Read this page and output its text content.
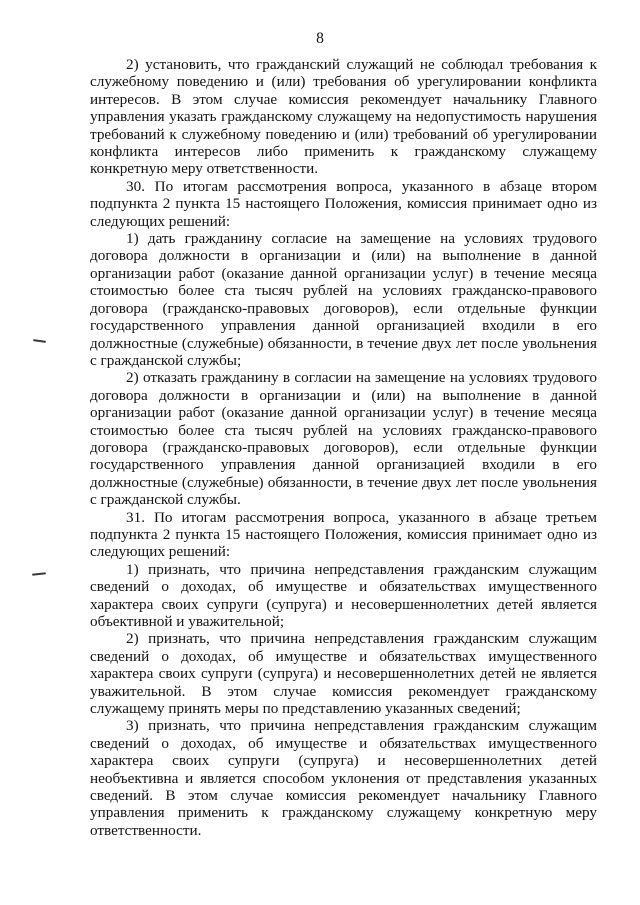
8

2) установить, что гражданский служащий не соблюдал требования к служебному поведению и (или) требования об урегулировании конфликта интересов. В этом случае комиссия рекомендует начальнику Главного управления указать гражданскому служащему на недопустимость нарушения требований к служебному поведению и (или) требований об урегулировании конфликта интересов либо применить к гражданскому служащему конкретную меру ответственности.

30. По итогам рассмотрения вопроса, указанного в абзаце втором подпункта 2 пункта 15 настоящего Положения, комиссия принимает одно из следующих решений:

1) дать гражданину согласие на замещение на условиях трудового договора должности в организации и (или) на выполнение в данной организации работ (оказание данной организации услуг) в течение месяца стоимостью более ста тысяч рублей на условиях гражданско-правового договора (гражданско-правовых договоров), если отдельные функции государственного управления данной организацией входили в его должностные (служебные) обязанности, в течение двух лет после увольнения с гражданской службы;

2) отказать гражданину в согласии на замещение на условиях трудового договора должности в организации и (или) на выполнение в данной организации работ (оказание данной организации услуг) в течение месяца стоимостью более ста тысяч рублей на условиях гражданско-правового договора (гражданско-правовых договоров), если отдельные функции государственного управления данной организацией входили в его должностные (служебные) обязанности, в течение двух лет после увольнения с гражданской службы.

31. По итогам рассмотрения вопроса, указанного в абзаце третьем подпункта 2 пункта 15 настоящего Положения, комиссия принимает одно из следующих решений:

1) признать, что причина непредставления гражданским служащим сведений о доходах, об имуществе и обязательствах имущественного характера своих супруги (супруга) и несовершеннолетних детей является объективной и уважительной;

2) признать, что причина непредставления гражданским служащим сведений о доходах, об имуществе и обязательствах имущественного характера своих супруги (супруга) и несовершеннолетних детей не является уважительной. В этом случае комиссия рекомендует гражданскому служащему принять меры по представлению указанных сведений;

3) признать, что причина непредставления гражданским служащим сведений о доходах, об имуществе и обязательствах имущественного характера своих супруги (супруга) и несовершеннолетних детей необъективна и является способом уклонения от представления указанных сведений. В этом случае комиссия рекомендует начальнику Главного управления применить к гражданскому служащему конкретную меру ответственности.
